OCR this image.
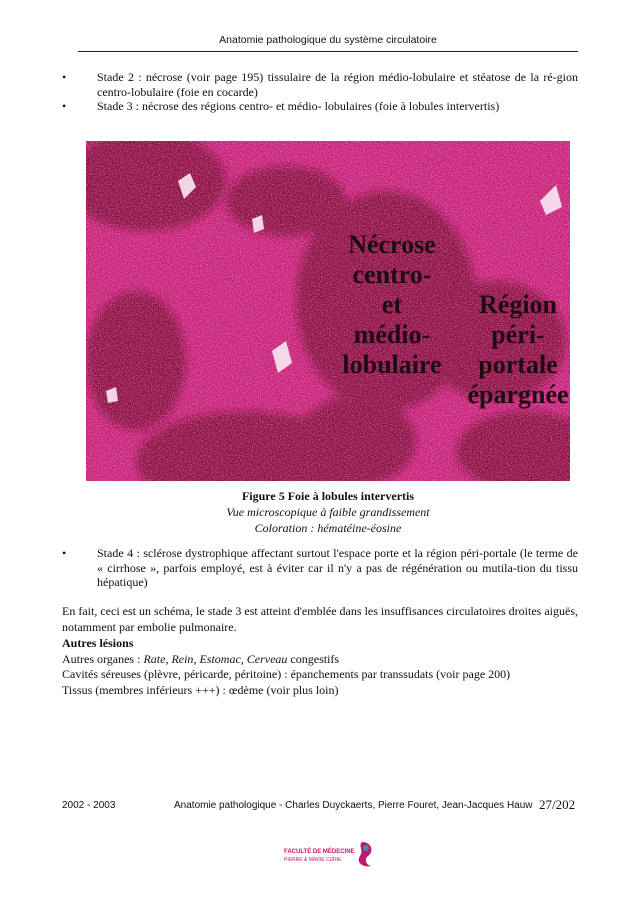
Anatomie pathologique du système circulatoire
•	Stade 2 : nécrose (voir page 195) tissulaire de la région médio-lobulaire et stéatose de la ré-gion centro-lobulaire (foie en cocarde)
•	Stade 3 : nécrose des régions centro- et médio- lobulaires (foie à lobules intervertis)
Nécrose
centro-
et
médio-
lobulaire
Région
péri-
portale
épargnée
Figure 5 Foie à lobules intervertis
Vue microscopique à faible grandissement
Coloration : hématéine-éosine
•	Stade 4 : sclérose dystrophique affectant surtout l'espace porte et la région péri-portale (le terme de « cirrhose », parfois employé, est à éviter car il n'y a pas de régénération ou mutila-tion du tissu hépatique)

En fait, ceci est un schéma, le stade 3 est atteint d'emblée dans les insuffisances circulatoires droites aiguës, notamment par embolie pulmonaire.

Autres lésions
Autres organes : Rate, Rein, Estomac, Cerveau congestifs
Cavités séreuses (plèvre, péricarde, péritoine) : épanchements par transsudats (voir page 200)
Tissus (membres inférieurs +++) : œdème (voir plus loin)
2002 - 2003	Anatomie pathologique - Charles Duyckaerts, Pierre Fouret, Jean-Jacques Hauw 27/202
FACULTÉ DE MÉDECINE
PIERRE & MARIE CURIE
